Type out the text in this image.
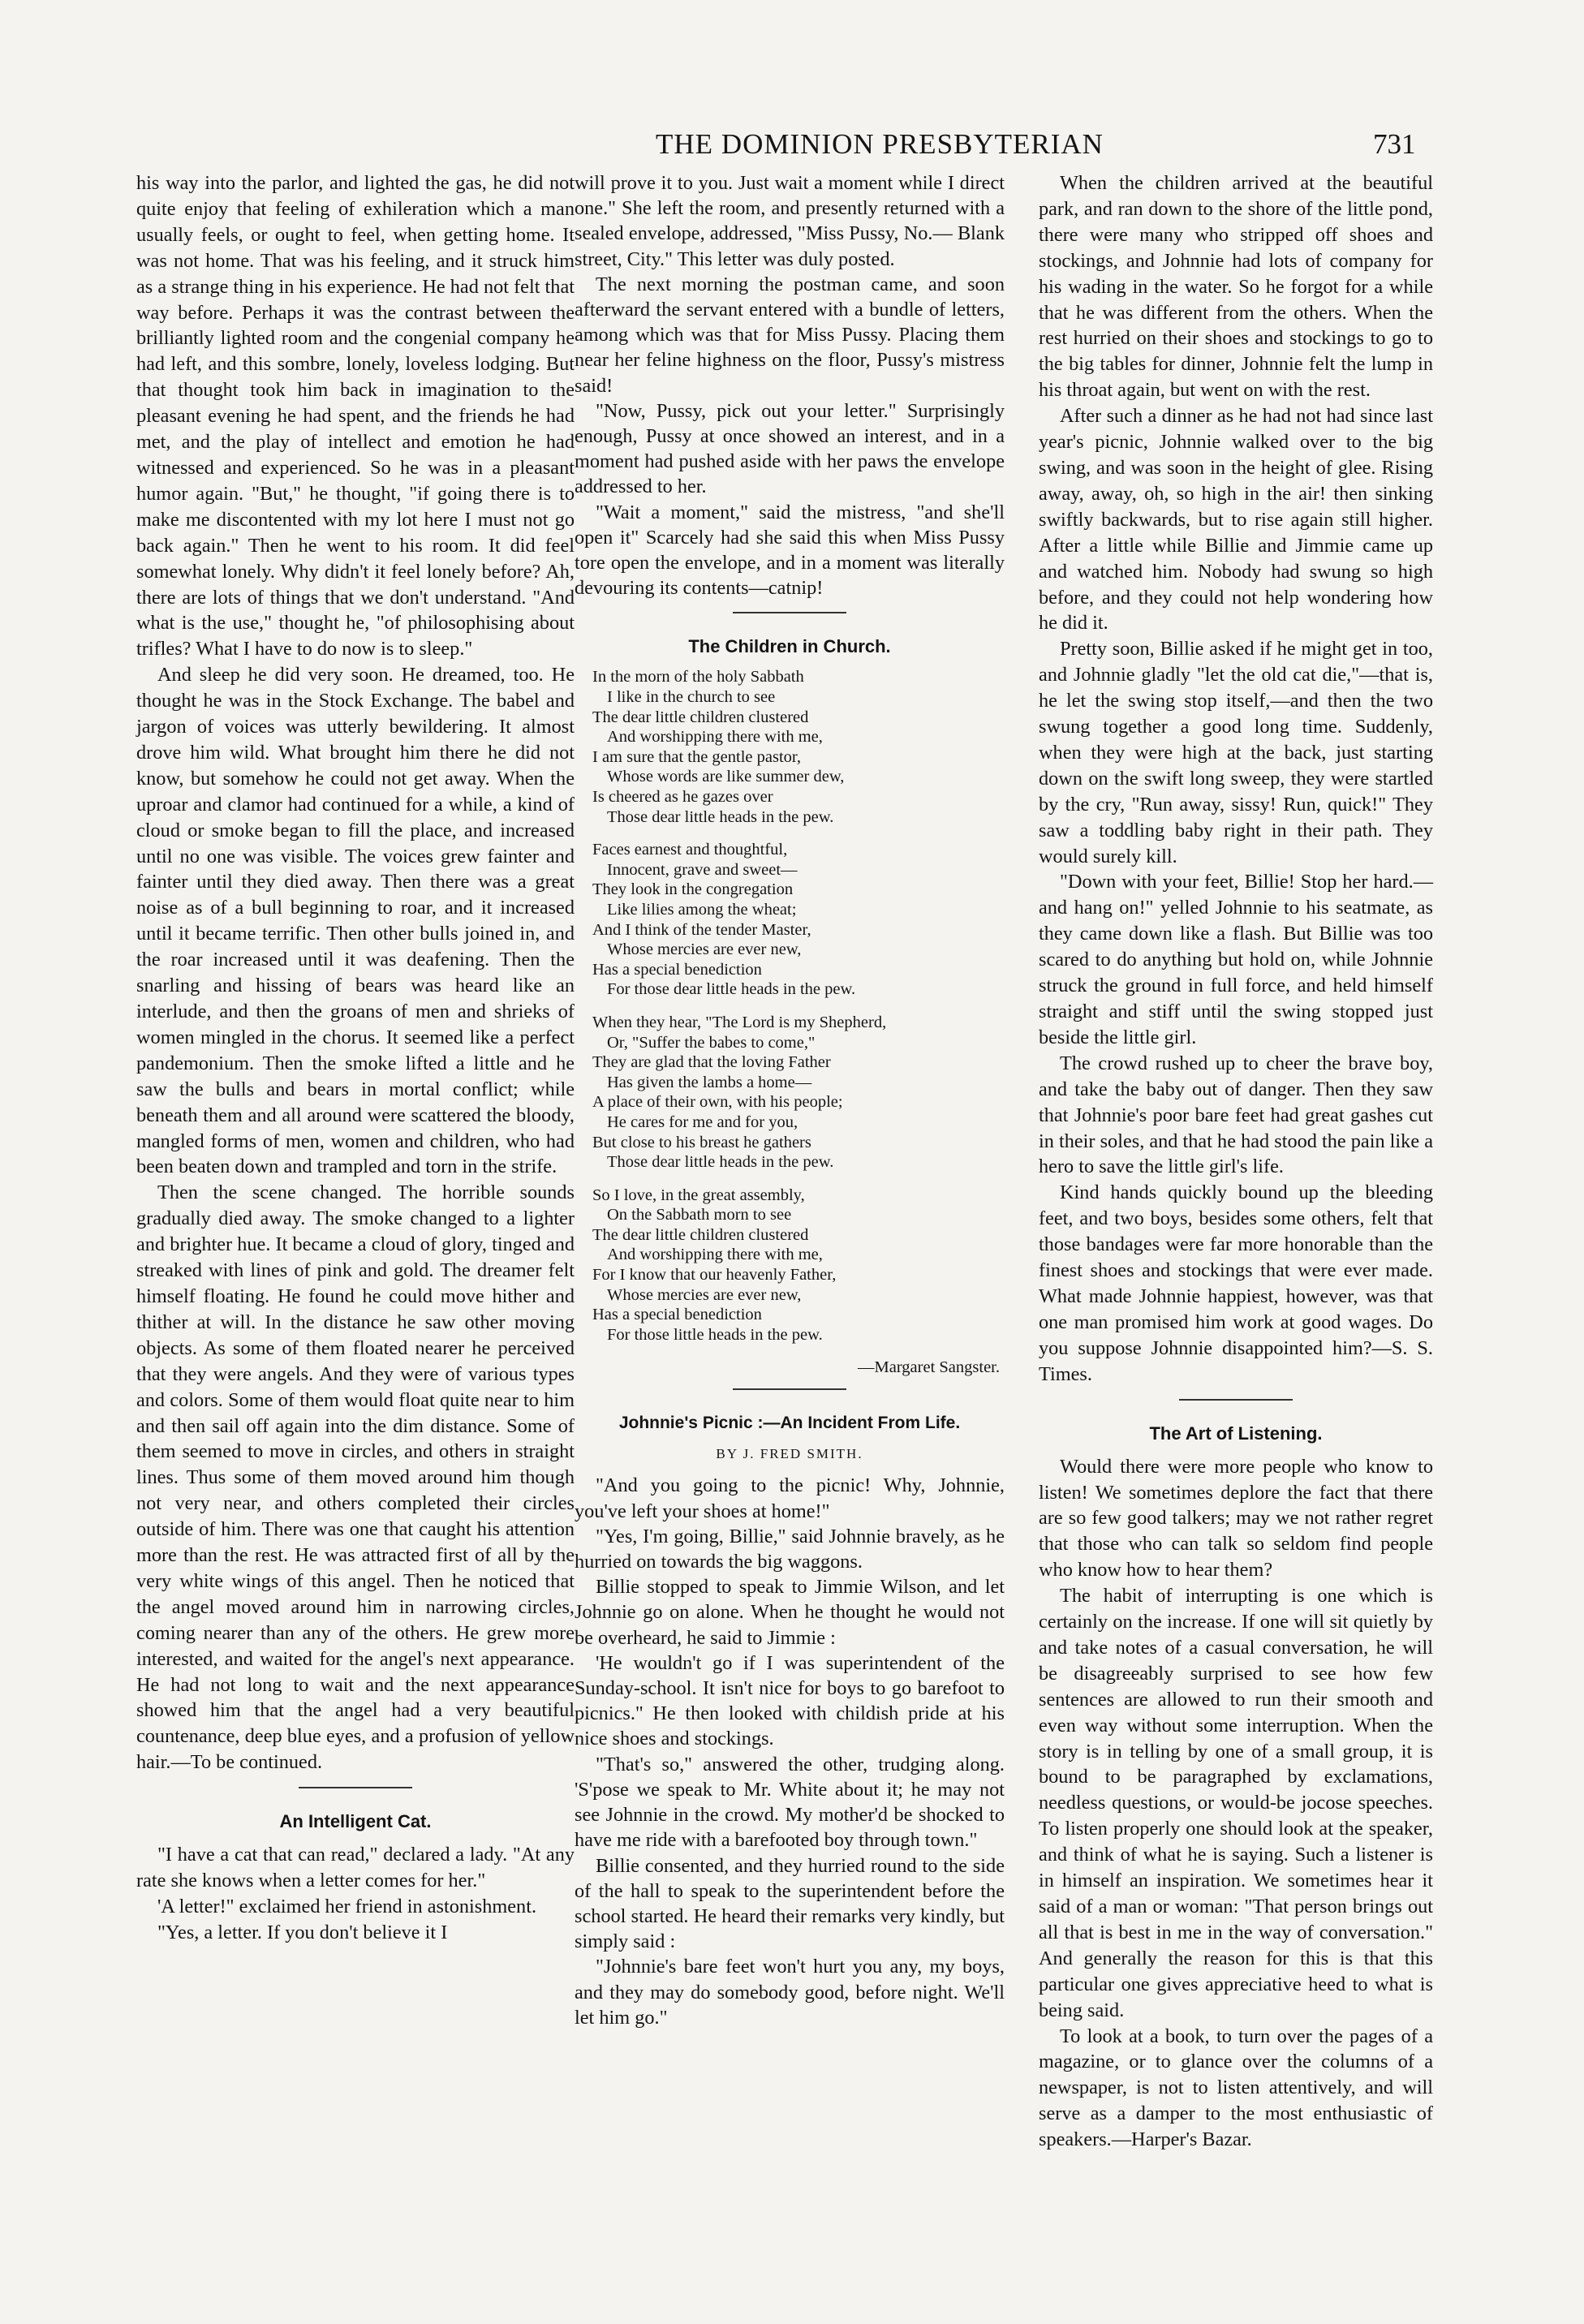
THE DOMINION PRESBYTERIAN	731

his way into the parlor, and lighted the gas, he did not quite enjoy that feeling of exhileration which a man usually feels, or ought to feel, when getting home. It was not home. That was his feeling, and it struck him as a strange thing in his experience. He had not felt that way before. Perhaps it was the contrast between the brilliantly lighted room and the congenial company he had left, and this sombre, lonely, loveless lodging. But that thought took him back in imagination to the pleasant evening he had spent, and the friends he had met, and the play of intellect and emotion he had witnessed and experienced. So he was in a pleasant humor again. "But," he thought, "if going there is to make me discontented with my lot here I must not go back again." Then he went to his room. It did feel somewhat lonely. Why didn't it feel lonely before? Ah, there are lots of things that we don't understand. "And what is the use," thought he, "of philosophising about trifles? What I have to do now is to sleep."

And sleep he did very soon. He dreamed, too. He thought he was in the Stock Exchange. The babel and jargon of voices was utterly bewildering. It almost drove him wild. What brought him there he did not know, but somehow he could not get away. When the uproar and clamor had continued for a while, a kind of cloud or smoke began to fill the place, and increased until no one was visible. The voices grew fainter and fainter until they died away. Then there was a great noise as of a bull beginning to roar, and it increased until it became terrific. Then other bulls joined in, and the roar increased until it was deafening. Then the snarling and hissing of bears was heard like an interlude, and then the groans of men and shrieks of women mingled in the chorus. It seemed like a perfect pandemonium. Then the smoke lifted a little and he saw the bulls and bears in mortal conflict; while beneath them and all around were scattered the bloody, mangled forms of men, women and children, who had been beaten down and trampled and torn in the strife.

Then the scene changed. The horrible sounds gradually died away. The smoke changed to a lighter and brighter hue. It became a cloud of glory, tinged and streaked with lines of pink and gold. The dreamer felt himself floating. He found he could move hither and thither at will. In the distance he saw other moving objects. As some of them floated nearer he perceived that they were angels. And they were of various types and colors. Some of them would float quite near to him and then sail off again into the dim distance. Some of them seemed to move in circles, and others in straight lines. Thus some of them moved around him though not very near, and others completed their circles outside of him. There was one that caught his attention more than the rest. He was attracted first of all by the very white wings of this angel. Then he noticed that the angel moved around him in narrowing circles, coming nearer than any of the others. He grew more interested, and waited for the angel's next appearance. He had not long to wait and the next appearance showed him that the angel had a very beautiful countenance, deep blue eyes, and a profusion of yellow hair.—To be continued.

An Intelligent Cat.

"I have a cat that can read," declared a lady. "At any rate she knows when a letter comes for her."

'A letter!" exclaimed her friend in astonishment.

"Yes, a letter. If you don't believe it I

will prove it to you. Just wait a moment while I direct one." She left the room, and presently returned with a sealed envelope, addressed, "Miss Pussy, No.— Blank street, City." This letter was duly posted.

The next morning the postman came, and soon afterward the servant entered with a bundle of letters, among which was that for Miss Pussy. Placing them near her feline highness on the floor, Pussy's mistress said!

"Now, Pussy, pick out your letter." Surprisingly enough, Pussy at once showed an interest, and in a moment had pushed aside with her paws the envelope addressed to her.

"Wait a moment," said the mistress, "and she'll open it" Scarcely had she said this when Miss Pussy tore open the envelope, and in a moment was literally devouring its contents—catnip!

The Children in Church.
In the morn of the holy Sabbath
I like in the church to see
The dear little children clustered
And worshipping there with me,
I am sure that the gentle pastor,
Whose words are like summer dew,
Is cheered as he gazes over
Those dear little heads in the pew.
Faces earnest and thoughtful,
Innocent, grave and sweet—
They look in the congregation
Like lilies among the wheat;
And I think of the tender Master,
Whose mercies are ever new,
Has a special benediction
For those dear little heads in the pew.
When they hear, "The Lord is my Shepherd,
Or, "Suffer the babes to come,"
They are glad that the loving Father
Has given the lambs a home—
A place of their own, with his people;
He cares for me and for you,
But close to his breast he gathers
Those dear little heads in the pew.
So I love, in the great assembly,
On the Sabbath morn to see
The dear little children clustered
And worshipping there with me,
For I know that our heavenly Father,
Whose mercies are ever new,
Has a special benediction
For those little heads in the pew.
—Margaret Sangster.
Johnnie's Picnic :—An Incident From Life.
BY J. FRED SMITH.

"And you going to the picnic! Why, Johnnie, you've left your shoes at home!"

"Yes, I'm going, Billie," said Johnnie bravely, as he hurried on towards the big waggons.

Billie stopped to speak to Jimmie Wilson, and let Johnnie go on alone. When he thought he would not be overheard, he said to Jimmie :

'He wouldn't go if I was superintendent of the Sunday-school. It isn't nice for boys to go barefoot to picnics." He then looked with childish pride at his nice shoes and stockings.

"That's so," answered the other, trudging along. 'S'pose we speak to Mr. White about it; he may not see Johnnie in the crowd. My mother'd be shocked to have me ride with a barefooted boy through town."

Billie consented, and they hurried round to the side of the hall to speak to the superintendent before the school started. He heard their remarks very kindly, but simply said :

"Johnnie's bare feet won't hurt you any, my boys, and they may do somebody good, before night. We'll let him go."

When the children arrived at the beautiful park, and ran down to the shore of the little pond, there were many who stripped off shoes and stockings, and Johnnie had lots of company for his wading in the water. So he forgot for a while that he was different from the others. When the rest hurried on their shoes and stockings to go to the big tables for dinner, Johnnie felt the lump in his throat again, but went on with the rest.

After such a dinner as he had not had since last year's picnic, Johnnie walked over to the big swing, and was soon in the height of glee. Rising away, away, oh, so high in the air! then sinking swiftly backwards, but to rise again still higher. After a little while Billie and Jimmie came up and watched him. Nobody had swung so high before, and they could not help wondering how he did it.

Pretty soon, Billie asked if he might get in too, and Johnnie gladly "let the old cat die,"—that is, he let the swing stop itself,—and then the two swung together a good long time. Suddenly, when they were high at the back, just starting down on the swift long sweep, they were startled by the cry, "Run away, sissy! Run, quick!" They saw a toddling baby right in their path. They would surely kill.

"Down with your feet, Billie! Stop her hard.—and hang on!" yelled Johnnie to his seatmate, as they came down like a flash. But Billie was too scared to do anything but hold on, while Johnnie struck the ground in full force, and held himself straight and stiff until the swing stopped just beside the little girl.

The crowd rushed up to cheer the brave boy, and take the baby out of danger. Then they saw that Johnnie's poor bare feet had great gashes cut in their soles, and that he had stood the pain like a hero to save the little girl's life.

Kind hands quickly bound up the bleeding feet, and two boys, besides some others, felt that those bandages were far more honorable than the finest shoes and stockings that were ever made. What made Johnnie happiest, however, was that one man promised him work at good wages. Do you suppose Johnnie disappointed him?—S. S. Times.

The Art of Listening.

Would there were more people who know to listen! We sometimes deplore the fact that there are so few good talkers; may we not rather regret that those who can talk so seldom find people who know how to hear them?

The habit of interrupting is one which is certainly on the increase. If one will sit quietly by and take notes of a casual conversation, he will be disagreeably surprised to see how few sentences are allowed to run their smooth and even way without some interruption. When the story is in telling by one of a small group, it is bound to be paragraphed by exclamations, needless questions, or would-be jocose speeches. To listen properly one should look at the speaker, and think of what he is saying. Such a listener is in himself an inspiration. We sometimes hear it said of a man or woman: "That person brings out all that is best in me in the way of conversation." And generally the reason for this is that this particular one gives appreciative heed to what is being said.

To look at a book, to turn over the pages of a magazine, or to glance over the columns of a newspaper, is not to listen attentively, and will serve as a damper to the most enthusiastic of speakers.—Harper's Bazar.
